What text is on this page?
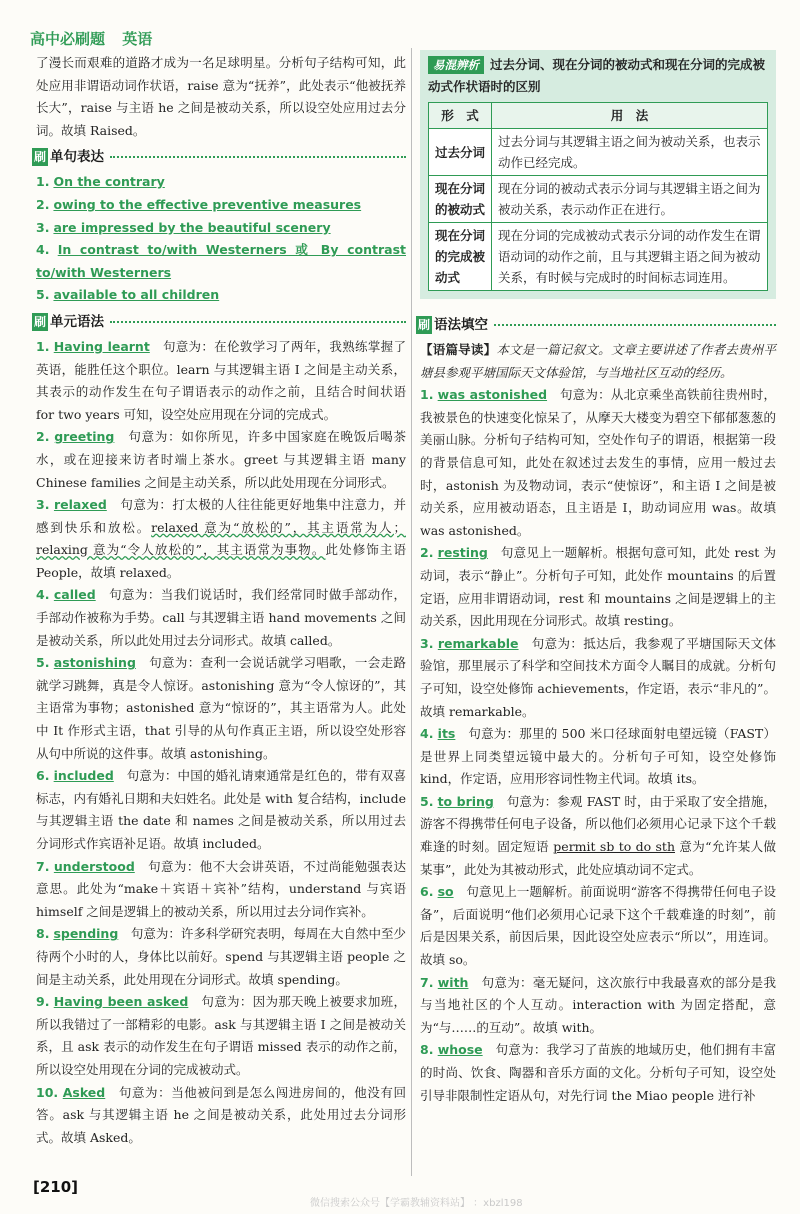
高中必刷题 英语

了漫长而艰难的道路才成为一名足球明星。分析句子结构可知，此处应用非谓语动词作状语，raise 意为“抚养”，此处表示“他被抚养长大”，raise 与主语 he 之间是被动关系，所以设空处应用过去分词。故填 Raised。

刷 单句表达

1. On the contrary

2. owing to the effective preventive measures

3. are impressed by the beautiful scenery

4. In contrast to/with Westerners 或 By contrast to/with Westerners

5. available to all children

刷 单元语法

1. Having learnt　 句意为：在伦敦学习了两年，我熟练掌握了英语，能胜任这个职位。learn 与其逻辑主语 I 之间是主动关系，其表示的动作发生在句子谓语表示的动作之前，且结合时间状语 for two years 可知，设空处应用现在分词的完成式。

2. greeting　 句意为：如你所见，许多中国家庭在晚饭后喝茶水，或在迎接来访者时端上茶水。greet 与其逻辑主语 many Chinese families 之间是主动关系，所以此处用现在分词形式。

3. relaxed　 句意为：打太极的人往往能更好地集中注意力，并感到快乐和放松。relaxed 意为“放松的”，其主语常为人；relaxing 意为“令人放松的”，其主语常为事物。此处修饰主语 People，故填 relaxed。

4. called　 句意为：当我们说话时，我们经常同时做手部动作，手部动作被称为手势。call 与其逻辑主语 hand movements 之间是被动关系，所以此处用过去分词形式。故填 called。

5. astonishing　 句意为：查利一会说话就学习唱歌，一会走路就学习跳舞，真是令人惊讶。astonishing 意为“令人惊讶的”，其主语常为事物；astonished 意为“惊讶的”，其主语常为人。此处中 It 作形式主语，that 引导的从句作真正主语，所以设空处形容从句中所说的这件事。故填 astonishing。

6. included　 句意为：中国的婚礼请柬通常是红色的，带有双喜标志，内有婚礼日期和夫妇姓名。此处是 with 复合结构，include 与其逻辑主语 the date 和 names 之间是被动关系，所以用过去分词形式作宾语补足语。故填 included。

7. understood　 句意为：他不大会讲英语，不过尚能勉强表达意思。此处为“make＋宾语＋宾补”结构，understand 与宾语 himself 之间是逻辑上的被动关系，所以用过去分词作宾补。

8. spending　 句意为：许多科学研究表明，每周在大自然中至少待两个小时的人，身体比以前好。spend 与其逻辑主语 people 之间是主动关系，此处用现在分词形式。故填 spending。

9. Having been asked　 句意为：因为那天晚上被要求加班，所以我错过了一部精彩的电影。ask 与其逻辑主语 I 之间是被动关系，且 ask 表示的动作发生在句子谓语 missed 表示的动作之前，所以设空处用现在分词的完成被动式。

10. Asked　 句意为：当他被问到是怎么闯进房间的，他没有回答。ask 与其逻辑主语 he 之间是被动关系，此处用过去分词形式。故填 Asked。

易混辨析 过去分词、现在分词的被动式和现在分词的完成被动式作状语时的区别
形　式	用　法
过去分词	过去分词与其逻辑主语之间为被动关系，也表示动作已经完成。
现在分词的被动式	现在分词的被动式表示分词与其逻辑主语之间为被动关系，表示动作正在进行。
现在分词的完成被动式	现在分词的完成被动式表示分词的动作发生在谓语动词的动作之前，且与其逻辑主语之间为被动关系，有时候与完成时的时间标志词连用。
刷 语法填空

【语篇导读】本文是一篇记叙文。文章主要讲述了作者去贵州平塘县参观平塘国际天文体验馆，与当地社区互动的经历。

1. was astonished　 句意为：从北京乘坐高铁前往贵州时，我被景色的快速变化惊呆了，从摩天大楼变为碧空下郁郁葱葱的美丽山脉。分析句子结构可知，空处作句子的谓语，根据第一段的背景信息可知，此处在叙述过去发生的事情，应用一般过去时，astonish 为及物动词，表示“使惊讶”，和主语 I 之间是被动关系，应用被动语态，且主语是 I，助动词应用 was。故填 was astonished。

2. resting　 句意见上一题解析。根据句意可知，此处 rest 为动词，表示“静止”。分析句子可知，此处作 mountains 的后置定语，应用非谓语动词，rest 和 mountains 之间是逻辑上的主动关系，因此用现在分词形式。故填 resting。

3. remarkable　 句意为：抵达后，我参观了平塘国际天文体验馆，那里展示了科学和空间技术方面令人瞩目的成就。分析句子可知，设空处修饰 achievements，作定语，表示“非凡的”。故填 remarkable。

4. its　 句意为：那里的 500 米口径球面射电望远镜（FAST）是世界上同类望远镜中最大的。分析句子可知，设空处修饰 kind，作定语，应用形容词性物主代词。故填 its。

5. to bring　 句意为：参观 FAST 时，由于采取了安全措施，游客不得携带任何电子设备，所以他们必须用心记录下这个千载难逢的时刻。固定短语 permit sb to do sth 意为“允许某人做某事”，此处为其被动形式，此处应填动词不定式。

6. so　 句意见上一题解析。前面说明“游客不得携带任何电子设备”，后面说明“他们必须用心记录下这个千载难逢的时刻”，前后是因果关系，前因后果，因此设空处应表示“所以”，用连词。故填 so。

7. with　 句意为：毫无疑问，这次旅行中我最喜欢的部分是我与当地社区的个人互动。interaction with 为固定搭配，意为“与……的互动”。故填 with。

8. whose　 句意为：我学习了苗族的地域历史，他们拥有丰富的时尚、饮食、陶器和音乐方面的文化。分析句子可知，设空处引导非限制性定语从句，对先行词 the Miao people 进行补

[210]
微信搜索公众号【学霸教辅资料站】 ：xbzl198
